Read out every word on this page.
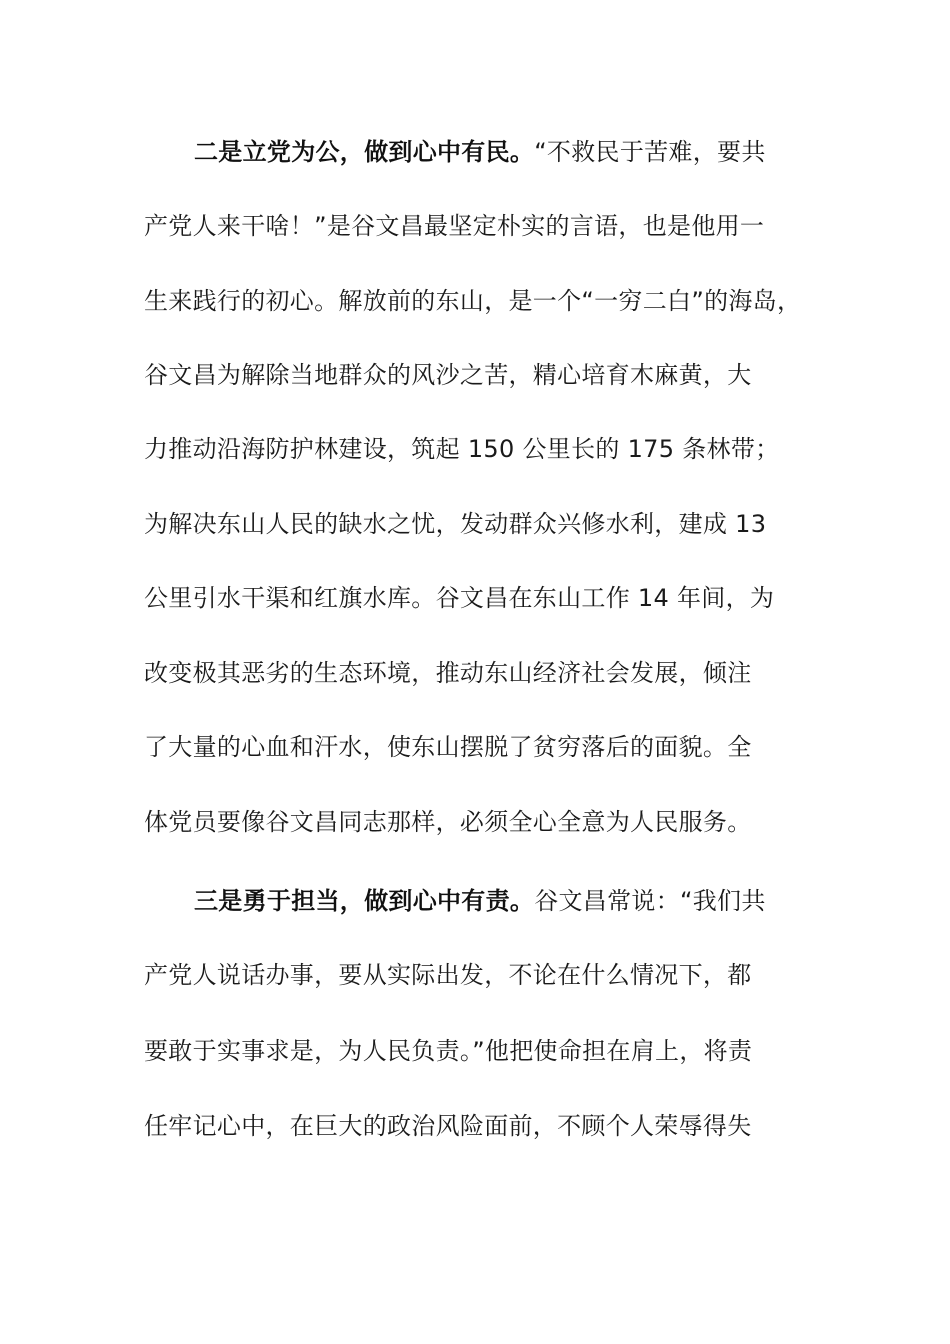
二是立党为公，做到心中有民。“不救民于苦难，要共
产党人来干啥！”是谷文昌最坚定朴实的言语，也是他用一
生来践行的初心。解放前的东山，是一个“一穷二白”的海岛，
谷文昌为解除当地群众的风沙之苦，精心培育木麻黄，大
力推动沿海防护林建设，筑起 150 公里长的 175 条林带；
为解决东山人民的缺水之忧，发动群众兴修水利，建成 13
公里引水干渠和红旗水库。谷文昌在东山工作 14 年间，为
改变极其恶劣的生态环境，推动东山经济社会发展，倾注
了大量的心血和汗水，使东山摆脱了贫穷落后的面貌。全
体党员要像谷文昌同志那样，必须全心全意为人民服务。
三是勇于担当，做到心中有责。谷文昌常说：“我们共
产党人说话办事，要从实际出发，不论在什么情况下，都
要敢于实事求是，为人民负责。”他把使命担在肩上，将责
任牢记心中，在巨大的政治风险面前，不顾个人荣辱得失
